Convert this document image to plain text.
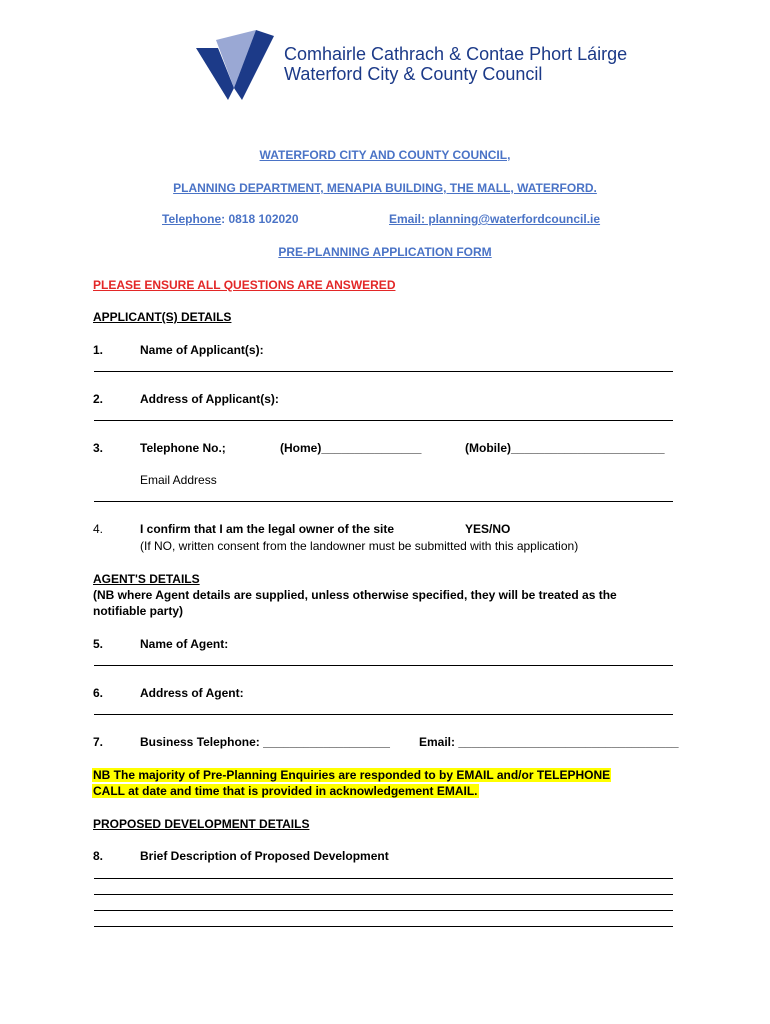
Comhairle Cathrach & Contae Phort Láirge
Waterford City & County Council
WATERFORD CITY AND COUNTY COUNCIL,
PLANNING DEPARTMENT, MENAPIA BUILDING, THE MALL, WATERFORD.
Telephone: 0818 102020	Email: planning@waterfordcouncil.ie
PRE-PLANNING APPLICATION FORM
PLEASE ENSURE ALL QUESTIONS ARE ANSWERED
APPLICANT(S) DETAILS
1.	Name of Applicant(s):
2.	Address of Applicant(s):
3.	Telephone No.;	(Home)_______________	(Mobile)_______________________
Email Address
4.	I confirm that I am the legal owner of the site	YES/NO
(If NO, written consent from the landowner must be submitted with this application)
AGENT'S DETAILS
(NB where Agent details are supplied, unless otherwise specified, they will be treated as the
notifiable party)
5.	Name of Agent:
6.	Address of Agent:
7.	Business Telephone: ___________________ Email: _________________________________
NB The majority of Pre-Planning Enquiries are responded to by EMAIL and/or TELEPHONE
CALL at date and time that is provided in acknowledgement EMAIL.
PROPOSED DEVELOPMENT DETAILS
8.	Brief Description of Proposed Development
